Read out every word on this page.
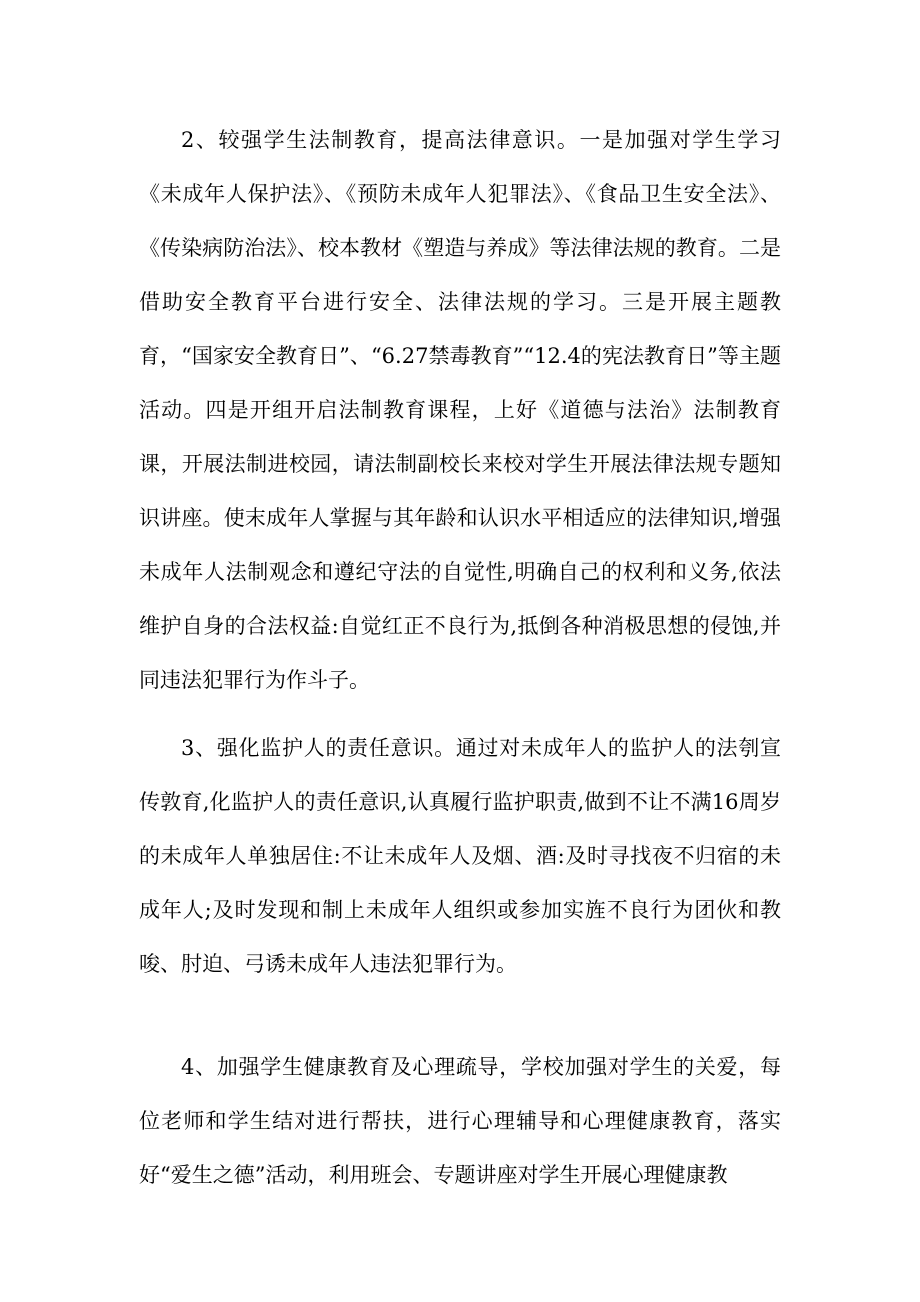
2、较强学生法制教育，提高法律意识。一是加强对学生学习《未成年人保护法》、《预防未成年人犯罪法》、《食品卫生安全法》、《传染病防治法》、校本教材《塑造与养成》等法律法规的教育。二是借助安全教育平台进行安全、法律法规的学习。三是开展主题教育，“国家安全教育日”、“6.27禁毒教育”“12.4的宪法教育日”等主题活动。四是开组开启法制教育课程，上好《道德与法治》法制教育课，开展法制进校园，请法制副校长来校对学生开展法律法规专题知识讲座。使末成年人掌握与其年龄和认识水平相适应的法律知识,增强未成年人法制观念和遵纪守法的自觉性,明确自己的权利和义务,依法维护自身的合法权益:自觉红正不良行为,抵倒各种消极思想的侵蚀,并同违法犯罪行为作斗子。

3、强化监护人的责任意识。通过对未成年人的监护人的法刳宣传敦育,化监护人的责任意识,认真履行监护职责,做到不让不满16周岁的未成年人单独居住:不让未成年人及烟、酒:及时寻找夜不归宿的未成年人;及时发现和制上未成年人组织或参加实旌不良行为团伙和教唆、肘迫、弓诱未成年人违法犯罪行为。

4、加强学生健康教育及心理疏导，学校加强对学生的关爱，每位老师和学生结对进行帮扶，进行心理辅导和心理健康教育，落实好“爱生之德”活动，利用班会、专题讲座对学生开展心理健康教
